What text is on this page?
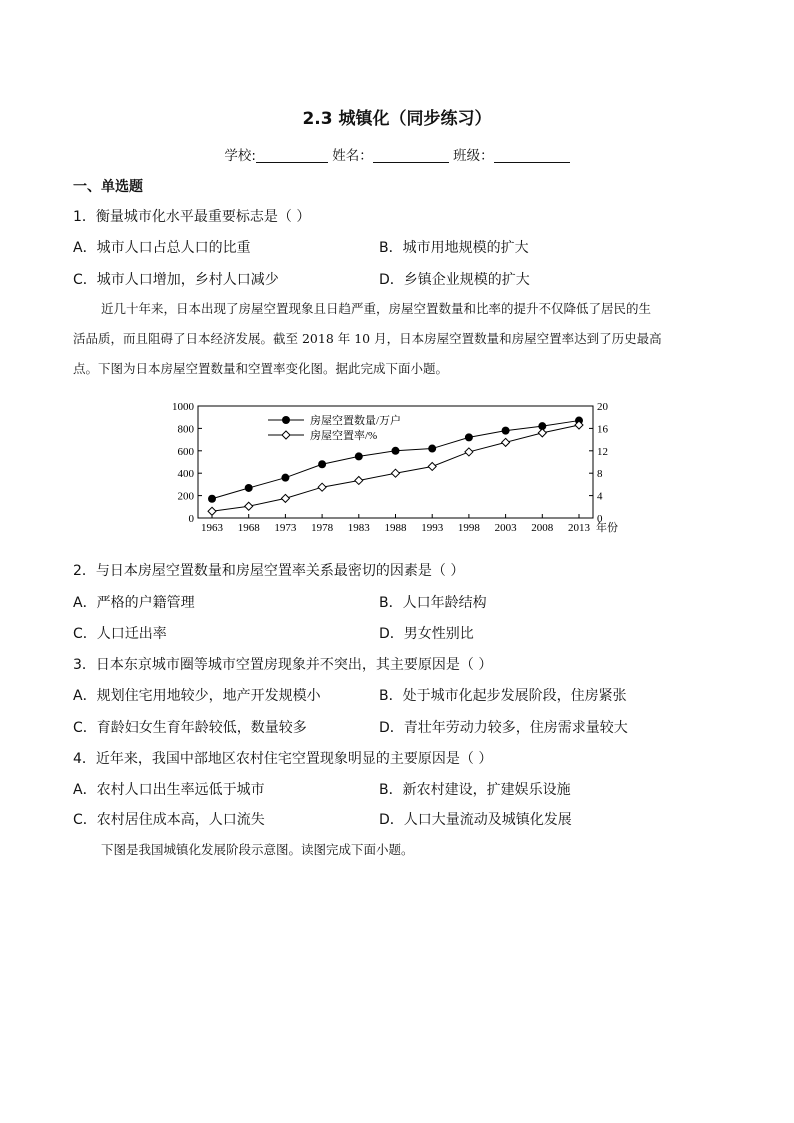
2.3 城镇化（同步练习）
学校:	姓名：	班级：
一、单选题
1．衡量城市化水平最重要标志是（ ）
A．城市人口占总人口的比重	B．城市用地规模的扩大
C．城市人口增加，乡村人口减少	D．乡镇企业规模的扩大
近几十年来，日本出现了房屋空置现象且日趋严重，房屋空置数量和比率的提升不仅降低了居民的生
活品质，而且阻碍了日本经济发展。截至 2018 年 10 月，日本房屋空置数量和房屋空置率达到了历史最高
点。下图为日本房屋空置数量和空置率变化图。据此完成下面小题。
0
200
400
600
800
1000
0
4
8
12
16
20
1963 1968 1973 1978 1983 1988 1993 1998 2003 2008 2013 年份
房屋空置数量/万户
房屋空置率/%
2．与日本房屋空置数量和房屋空置率关系最密切的因素是（ ）
A．严格的户籍管理	B．人口年龄结构
C．人口迁出率	D．男女性别比
3．日本东京城市圈等城市空置房现象并不突出，其主要原因是（ ）
A．规划住宅用地较少，地产开发规模小	B．处于城市化起步发展阶段，住房紧张
C．育龄妇女生育年龄较低，数量较多	D．青壮年劳动力较多，住房需求量较大
4．近年来，我国中部地区农村住宅空置现象明显的主要原因是（ ）
A．农村人口出生率远低于城市	B．新农村建设，扩建娱乐设施
C．农村居住成本高，人口流失	D．人口大量流动及城镇化发展
下图是我国城镇化发展阶段示意图。读图完成下面小题。
